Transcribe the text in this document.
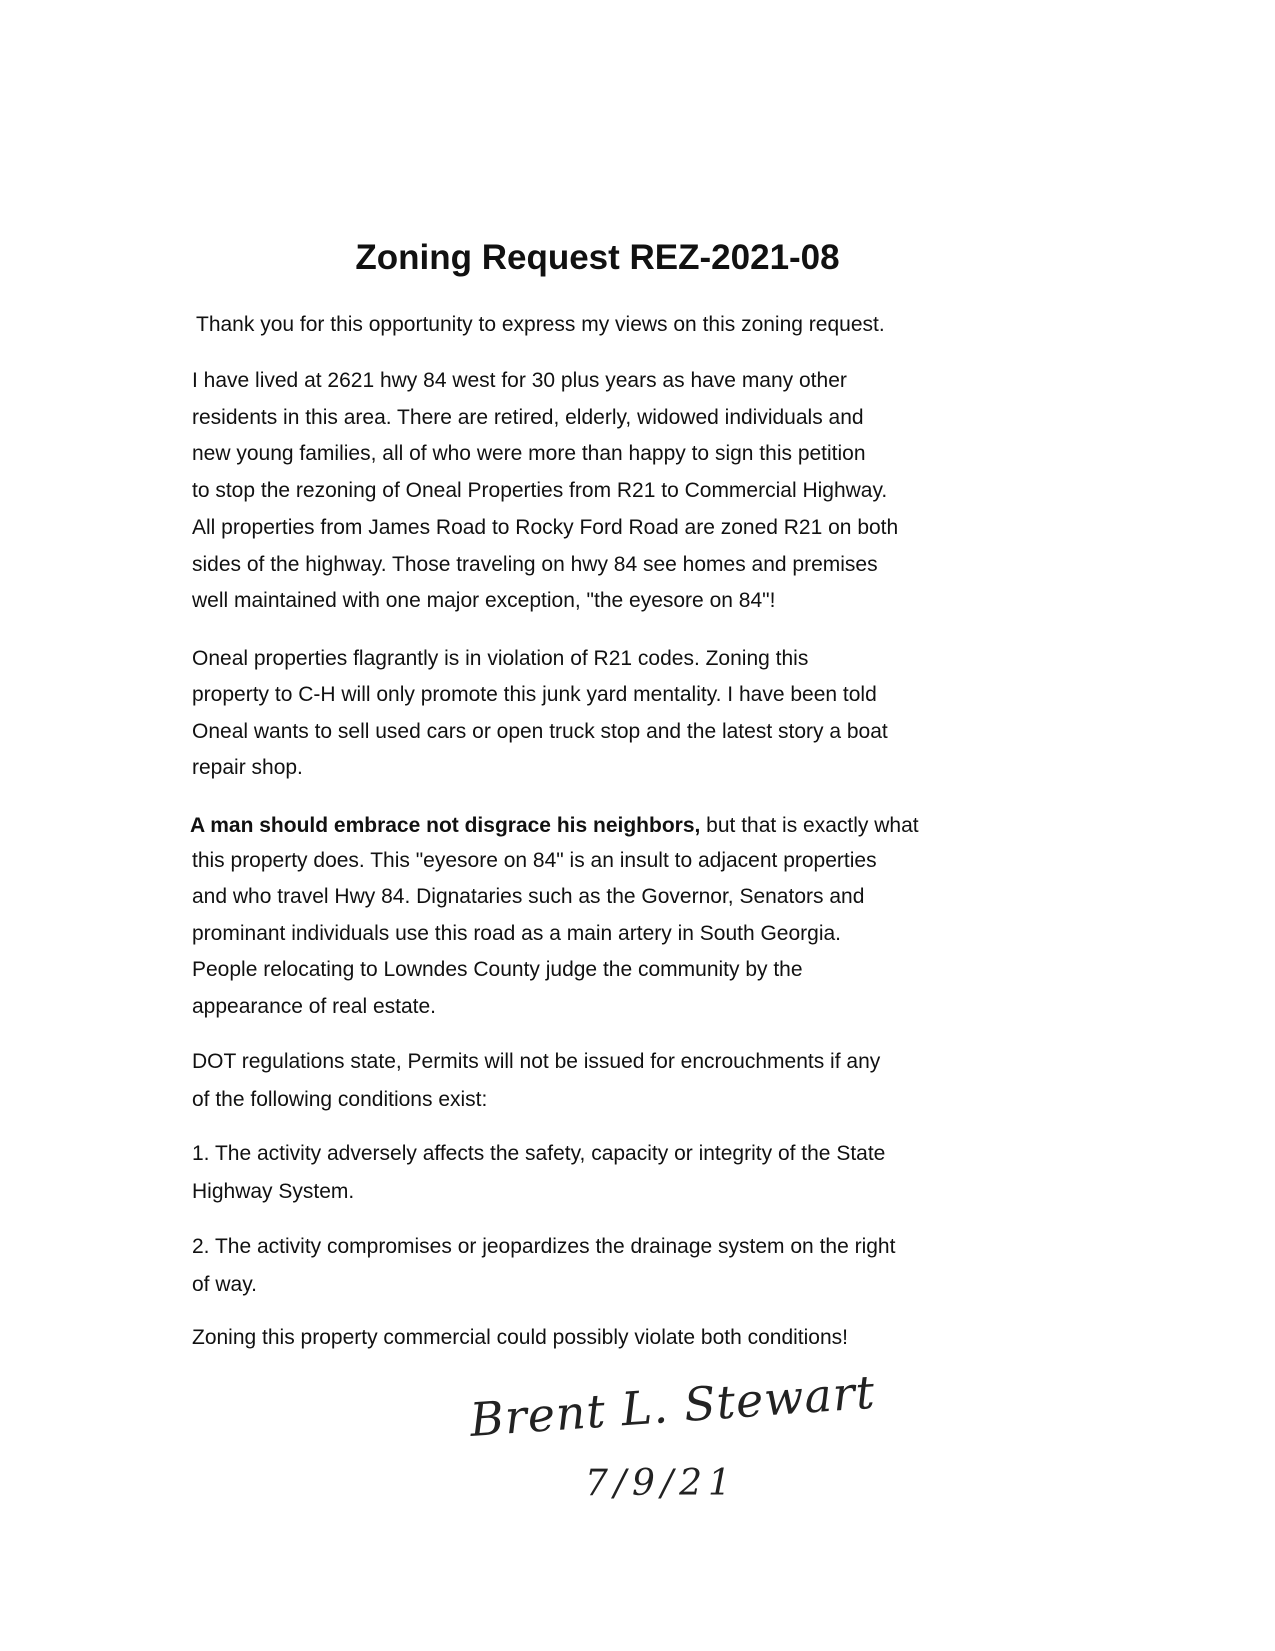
Zoning Request REZ-2021-08
Thank you for this opportunity to express my views on this zoning request.
I have lived at 2621 hwy 84 west for 30 plus years as have many other
residents in this area. There are retired, elderly, widowed individuals and
new young families, all of who were more than happy to sign this petition
to stop the rezoning of Oneal Properties from R21 to Commercial Highway.
All properties from James Road to Rocky Ford Road are zoned R21 on both
sides of the highway. Those traveling on hwy 84 see homes and premises
well maintained with one major exception, "the eyesore on 84"!
Oneal properties flagrantly is in violation of R21 codes. Zoning this
property to C-H will only promote this junk yard mentality. I have been told
Oneal wants to sell used cars or open truck stop and the latest story a boat
repair shop.
this property does. This "eyesore on 84" is an insult to adjacent properties
and who travel Hwy 84. Dignataries such as the Governor, Senators and
prominant individuals use this road as a main artery in South Georgia.
People relocating to Lowndes County judge the community by the
appearance of real estate.
DOT regulations state, Permits will not be issued for encrouchments if any
of the following conditions exist:
1. The activity adversely affects the safety, capacity or integrity of the State
Highway System.
2. The activity compromises or jeopardizes the drainage system on the right
of way.
Zoning this property commercial could possibly violate both conditions!
A man should embrace not disgrace his neighbors, but that is exactly what
Brent L. Stewart
7/9/21
